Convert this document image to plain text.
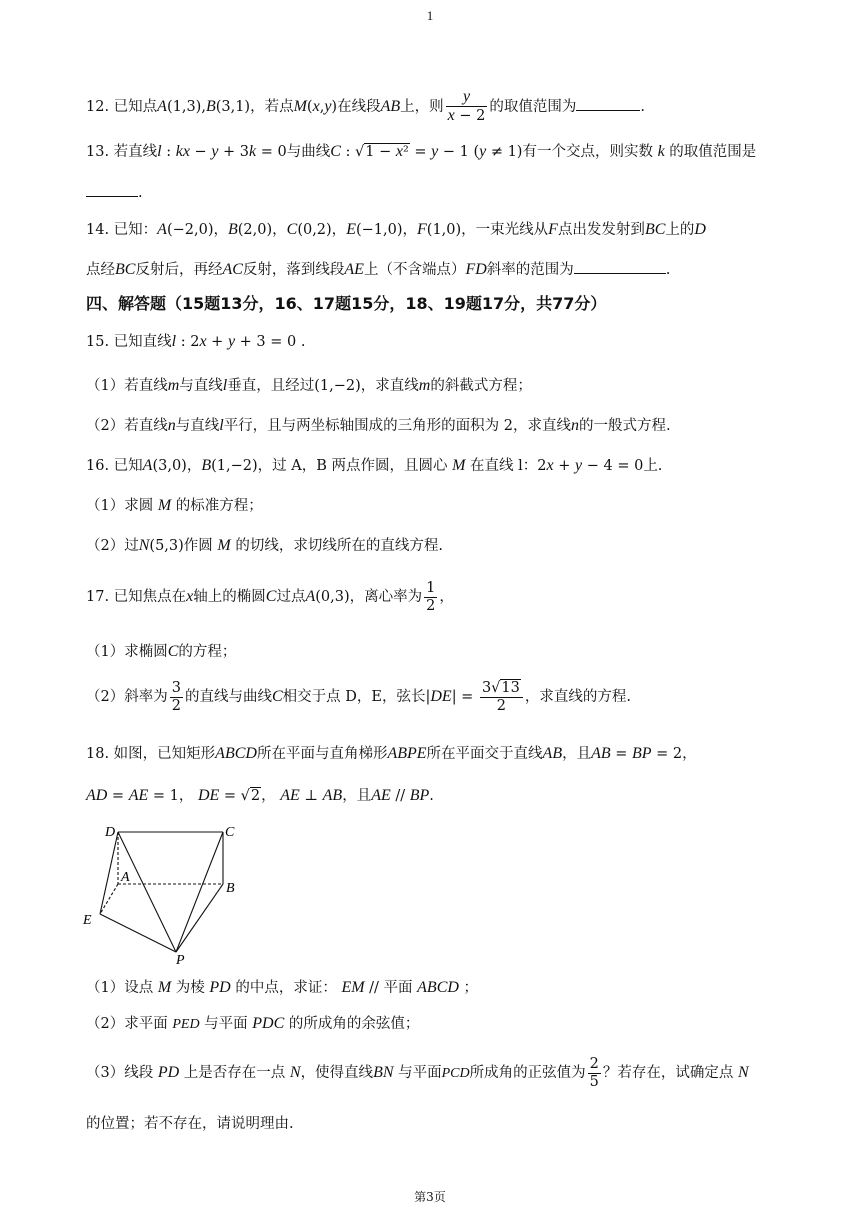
1
12. 已知点A(1,3),B(3,1)，若点M(x,y)在线段AB上，则 $\frac{y}{x - 2}$ 的取值范围为	.
13. 若直线l : kx − y + 3k = 0与曲线C : √1 − x² = y − 1 (y ≠ 1)有一个交点，则实数 k 的取值范围是
.
14. 已知：A(−2,0)，B(2,0)，C(0,2)，E(−1,0)，F(1,0)，一束光线从F点出发发射到BC上的D
点经BC反射后，再经AC反射，落到线段AE上（不含端点）FD斜率的范围为	.
四、解答题（15题13分，16、17题15分，18、19题17分，共77分）
15. 已知直线l : 2x + y + 3 = 0 .
（1）若直线m与直线l垂直，且经过(1,−2)，求直线m的斜截式方程；
（2）若直线n与直线l平行，且与两坐标轴围成的三角形的面积为 2，求直线n的一般式方程.
16. 已知A(3,0)，B(1,−2)，过 A，B 两点作圆，且圆心 M 在直线 l：2x + y − 4 = 0上.
（1）求圆 M 的标准方程；
（2）过N(5,3)作圆 M 的切线，求切线所在的直线方程.
17. 已知焦点在x轴上的椭圆C过点A(0,3)，离心率为 $\frac{1}{2}$ ，
（1）求椭圆C的方程；
（2）斜率为 $\frac{3}{2}$ 的直线与曲线C相交于点 D，E，弦长$|DE| = \frac{3√13}{2}$ ，求直线的方程.
18. 如图，已知矩形ABCD所在平面与直角梯形ABPE所在平面交于直线AB，且AB = BP = 2，
AD = AE = 1， DE = √2， AE ⊥ AB，且AE // BP.
D	C
A
B
E
P
（1）设点 M 为棱 PD 的中点，求证： EM // 平面 ABCD ；
（2）求平面 PED 与平面 PDC 的所成角的余弦值；
（3）线段 PD 上是否存在一点 N，使得直线BN 与平面PCD所成角的正弦值为 $\frac{2}{5}$ ？若存在，试确定点 N
的位置；若不存在，请说明理由.
第3页
